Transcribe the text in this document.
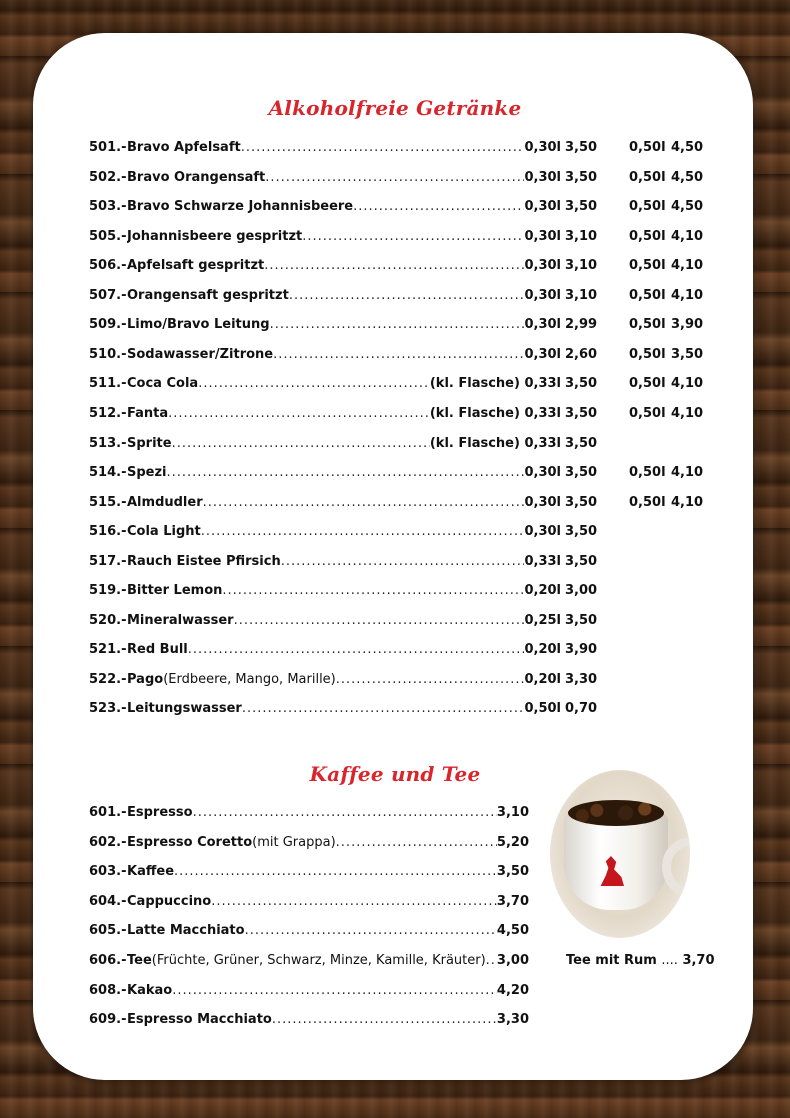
Alkoholfreie Getränke
501.- Bravo Apfelsaft .....	0,30l 3,50 0,50l 4,50
502.- Bravo Orangensaft .....	0,30l 3,50 0,50l 4,50
503.- Bravo Schwarze Johannisbeere .....	0,30l 3,50 0,50l 4,50
505.- Johannisbeere gespritzt .....	0,30l 3,10 0,50l 4,10
506.- Apfelsaft gespritzt .....	0,30l 3,10 0,50l 4,10
507.- Orangensaft gespritzt .....	0,30l 3,10 0,50l 4,10
509.- Limo/Bravo Leitung .....	0,30l 2,99 0,50l 3,90
510.- Sodawasser/Zitrone .....	0,30l 2,60 0,50l 3,50
511.- Coca Cola .....	(kl. Flasche) 0,33l 3,50 0,50l 4,10
512.- Fanta .....	(kl. Flasche) 0,33l 3,50 0,50l 4,10
513.- Sprite .....	(kl. Flasche) 0,33l 3,50
514.- Spezi .....	0,30l 3,50 0,50l 4,10
515.- Almdudler .....	0,30l 3,50 0,50l 4,10
516.- Cola Light .....	0,30l 3,50
517.- Rauch Eistee Pfirsich .....	0,33l 3,50
519.- Bitter Lemon .....	0,20l 3,00
520.- Mineralwasser .....	0,25l 3,50
521.- Red Bull .....	0,20l 3,90
522.- Pago (Erdbeere, Mango, Marille) .....	0,20l 3,30
523.- Leitungswasser .....	0,50l 0,70
Kaffee und Tee
601.- Espresso .....	3,10
602.- Espresso Coretto (mit Grappa) .....	5,20
603.- Kaffee .....	3,50
604.- Cappuccino .....	3,70
605.- Latte Macchiato .....	4,50
606.- Tee (Früchte, Grüner, Schwarz, Minze, Kamille, Kräuter) ..... 3,00
608.- Kakao .....	4,20
609.- Espresso Macchiato .....	3,30
Tee mit Rum .... 3,70
